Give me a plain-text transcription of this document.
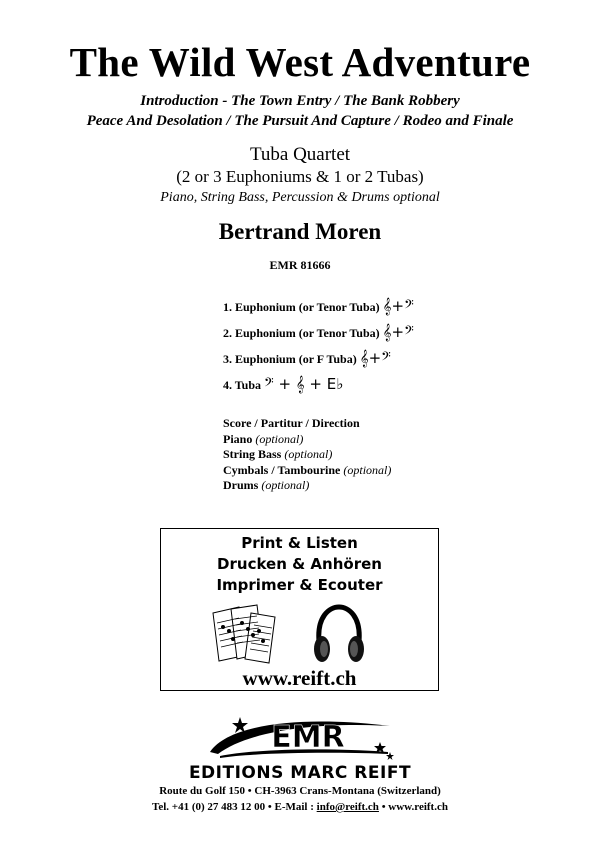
The Wild West Adventure
Introduction - The Town Entry / The Bank Robbery
Peace And Desolation / The Pursuit And Capture / Rodeo and Finale
Tuba Quartet
(2 or 3 Euphoniums & 1 or 2 Tubas)
Piano, String Bass, Percussion & Drums optional
Bertrand Moren
EMR 81666
1. Euphonium (or Tenor Tuba) 𝄞+𝄢
2. Euphonium (or Tenor Tuba) 𝄞+𝄢
3. Euphonium (or F Tuba) 𝄞+𝄢
4. Tuba 𝄢 + 𝄞 + E♭
Score / Partitur / Direction
Piano (optional)
String Bass (optional)
Cymbals / Tambourine (optional)
Drums (optional)
Print & Listen
Drucken & Anhören
Imprimer & Ecouter
www.reift.ch
EMR
EDITIONS MARC REIFT
Route du Golf 150 • CH-3963 Crans-Montana (Switzerland)
Tel. +41 (0) 27 483 12 00 • E-Mail : info@reift.ch • www.reift.ch
